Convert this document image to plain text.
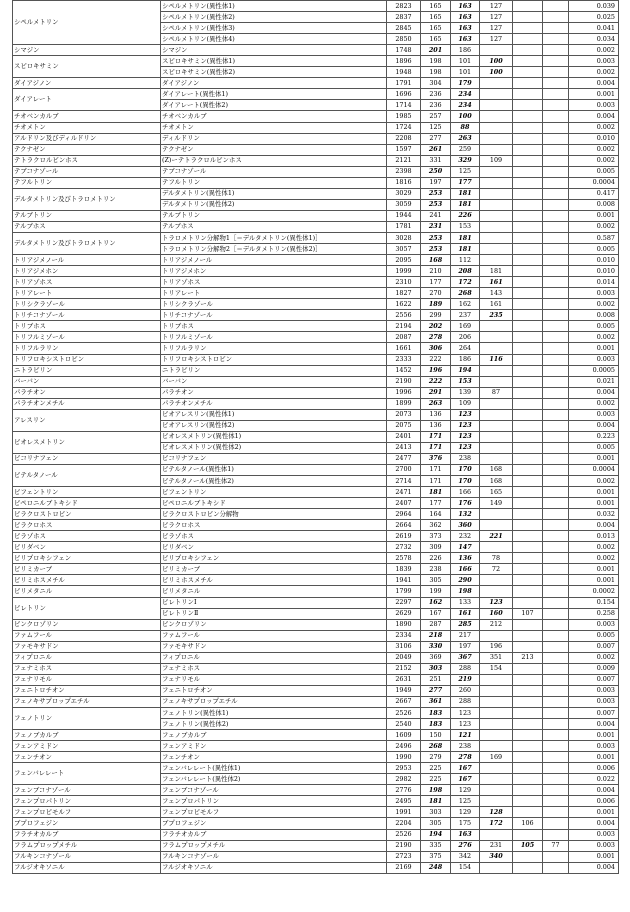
シペルメトリン	シペルメトリン(異性体1)	2823	165	163	127			0.039
	シペルメトリン(異性体2)	2837	165	163	127			0.025
	シペルメトリン(異性体3)	2845	165	163	127			0.041
	シペルメトリン(異性体4)	2850	165	163	127			0.034
シマジン	シマジン	1748	201	186				0.002
スピロキサミン	スピロキサミン(異性体1)	1896	198	101	100			0.003
	スピロキサミン(異性体2)	1948	198	101	100			0.002
ダイアジノン	ダイアジノン	1791	304	179				0.004
ダイアレート	ダイアレート(異性体1)	1696	236	234				0.001
	ダイアレート(異性体2)	1714	236	234				0.003
チオベンカルブ	チオベンカルブ	1985	257	100				0.004
チオメトン	チオメトン	1724	125	88				0.002
アルドリン及びディルドリン	ディルドリン	2208	277	263				0.010
テクナゼン	テクナゼン	1597	261	259				0.002
テトラクロルビンホス	(Z)ーテトラクロルビンホス	2121	331	329	109			0.002
テブコナゾール	テブコナゾール	2398	250	125				0.005
テフルトリン	テフルトリン	1816	197	177				0.0004
デルタメトリン及びトラロメトリン	デルタメトリン(異性体1)	3029	253	181				0.417
	デルタメトリン(異性体2)	3059	253	181				0.008
テルブトリン	テルブトリン	1944	241	226				0.001
テルブホス	テルブホス	1781	231	153				0.002
デルタメトリン及びトラロメトリン	トラロメトリン分解物1［＝デルタメトリン(異性体1)］	3028	253	181				0.587
	トラロメトリン分解物2［＝デルタメトリン(異性体2)］	3057	253	181				0.005
トリアジメノール	トリアジメノール	2095	168	112				0.010
トリアジメホン	トリアジメホン	1999	210	208	181			0.010
トリアゾホス	トリアゾホス	2310	177	172	161			0.014
トリアレート	トリアレート	1827	270	268	143			0.003
トリシクラゾール	トリシクラゾール	1622	189	162	161			0.002
トリチコナゾール	トリチコナゾール	2556	299	237	235			0.008
トリブホス	トリブホス	2194	202	169				0.005
トリフルミゾール	トリフルミゾール	2087	278	206				0.002
トリフルラリン	トリフルラリン	1661	306	264				0.001
トリフロキシストロビン	トリフロキシストロビン	2333	222	186	116			0.003
ニトラピリン	ニトラピリン	1452	196	194				0.0005
バーバン	バーバン	2190	222	153				0.021
パラチオン	パラチオン	1996	291	139	87			0.004
パラチオンメチル	パラチオンメチル	1899	263	109				0.002
アレスリン	ビオアレスリン(異性体1)	2073	136	123				0.003
	ビオアレスリン(異性体2)	2075	136	123				0.004
ビオレスメトリン	ビオレスメトリン(異性体1)	2401	171	123				0.223
	ビオレスメトリン(異性体2)	2413	171	123				0.005
ビコリナフェン	ビコリナフェン	2477	376	238				0.001
ビテルタノール	ビテルタノール(異性体1)	2700	171	170	168			0.0004
	ビテルタノール(異性体2)	2714	171	170	168			0.002
ビフェントリン	ビフェントリン	2471	181	166	165			0.001
ピペロニルブトキシド	ピペロニルブトキシド	2407	177	176	149			0.001
ピラクロストロビン	ピラクロストロビン分解物	2964	164	132				0.032
ピラクロホス	ピラクロホス	2664	362	360				0.004
ピラゾホス	ピラゾホス	2619	373	232	221			0.013
ピリダベン	ピリダベン	2732	309	147				0.002
ピリプロキシフェン	ピリプロキシフェン	2578	226	136	78			0.002
ピリミカーブ	ピリミカーブ	1839	238	166	72			0.001
ピリミホスメチル	ピリミホスメチル	1941	305	290				0.001
ピリメタニル	ピリメタニル	1799	199	198				0.0002
ピレトリン	ピレトリンⅠ	2297	162	133	123			0.154
	ピレトリンⅡ	2629	167	161	160	107		0.258
ビンクロゾリン	ビンクロゾリン	1890	287	285	212			0.003
ファムフール	ファムフール	2334	218	217				0.005
ファモキサドン	ファモキサドン	3106	330	197	196			0.007
フィプロニル	フィプロニル	2049	369	367	351	213		0.002
フェナミホス	フェナミホス	2152	303	288	154			0.009
フェナリモル	フェナリモル	2631	251	219				0.007
フェニトロチオン	フェニトロチオン	1949	277	260				0.003
フェノキサプロップエチル	フェノキサプロップエチル	2667	361	288				0.003
フェノトリン	フェノトリン(異性体1)	2526	183	123				0.007
	フェノトリン(異性体2)	2540	183	123				0.004
フェノブカルブ	フェノブカルブ	1609	150	121				0.001
フェンアミドン	フェンアミドン	2496	268	238				0.003
フェンチオン	フェンチオン	1990	279	278	169			0.001
フェンバレレート	フェンバレレート(異性体1)	2953	225	167				0.006
	フェンバレレート(異性体2)	2982	225	167				0.022
フェンブコナゾール	フェンブコナゾール	2776	198	129				0.004
フェンプロパトリン	フェンプロパトリン	2495	181	125				0.006
フェンプロピモルフ	フェンプロピモルフ	1991	303	129	128			0.001
ブプロフェジン	ブプロフェジン	2204	305	175	172	106		0.004
フラチオカルブ	フラチオカルブ	2526	194	163				0.003
フラムプロップメチル	フラムプロップメチル	2190	335	276	231	105	77	0.003
フルキンコナゾール	フルキンコナゾール	2723	375	342	340			0.001
フルジオキソニル	フルジオキソニル	2169	248	154				0.004
